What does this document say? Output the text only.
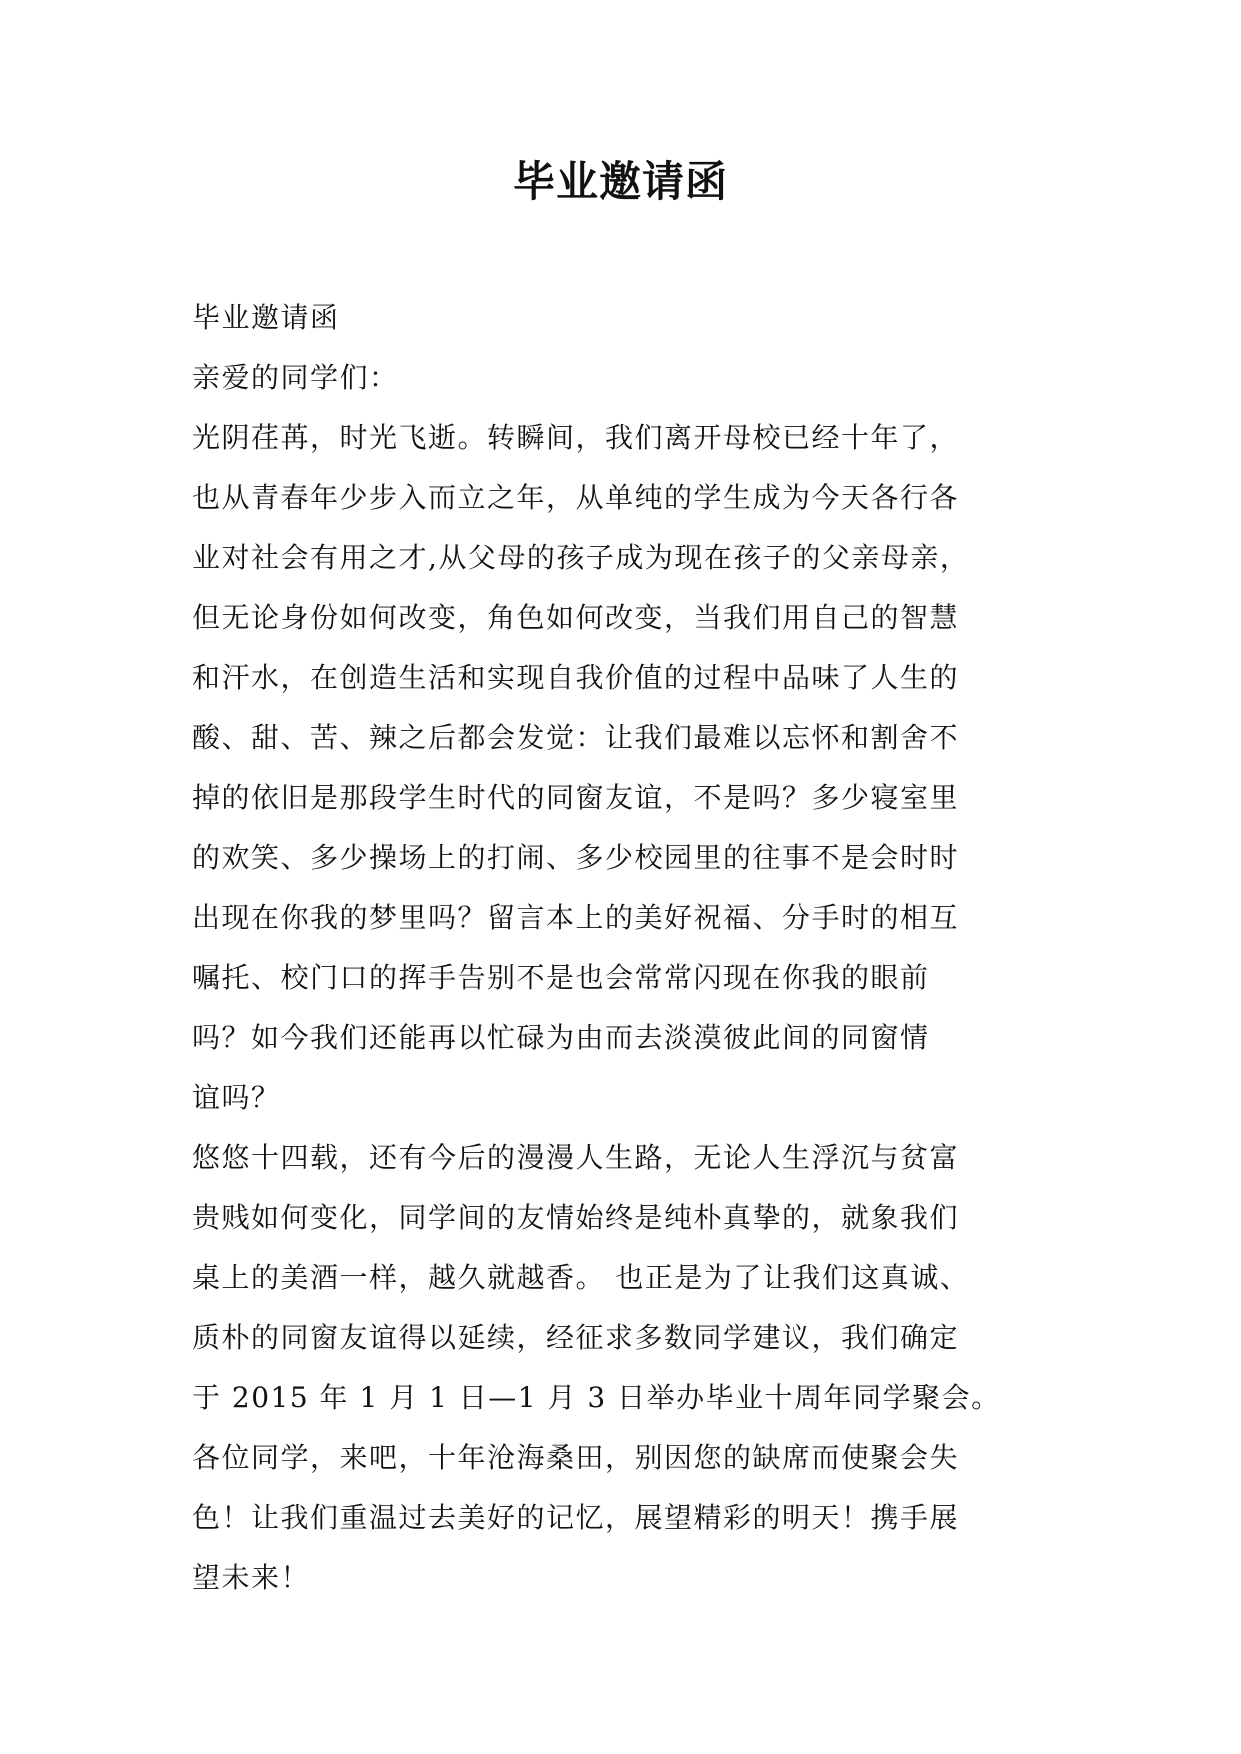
毕业邀请函
毕业邀请函
亲爱的同学们：
光阴荏苒，时光飞逝。转瞬间，我们离开母校已经十年了，
也从青春年少步入而立之年，从单纯的学生成为今天各行各
业对社会有用之才,从父母的孩子成为现在孩子的父亲母亲，
但无论身份如何改变，角色如何改变，当我们用自己的智慧
和汗水，在创造生活和实现自我价值的过程中品味了人生的
酸、甜、苦、辣之后都会发觉：让我们最难以忘怀和割舍不
掉的依旧是那段学生时代的同窗友谊，不是吗？多少寝室里
的欢笑、多少操场上的打闹、多少校园里的往事不是会时时
出现在你我的梦里吗？留言本上的美好祝福、分手时的相互
嘱托、校门口的挥手告别不是也会常常闪现在你我的眼前
吗？如今我们还能再以忙碌为由而去淡漠彼此间的同窗情
谊吗？
悠悠十四载，还有今后的漫漫人生路，无论人生浮沉与贫富
贵贱如何变化，同学间的友情始终是纯朴真挚的，就象我们
桌上的美酒一样，越久就越香。 也正是为了让我们这真诚、
质朴的同窗友谊得以延续，经征求多数同学建议，我们确定
于 2015 年 1 月 1 日—1 月 3 日举办毕业十周年同学聚会。
各位同学，来吧，十年沧海桑田，别因您的缺席而使聚会失
色！让我们重温过去美好的记忆，展望精彩的明天！携手展
望未来！
